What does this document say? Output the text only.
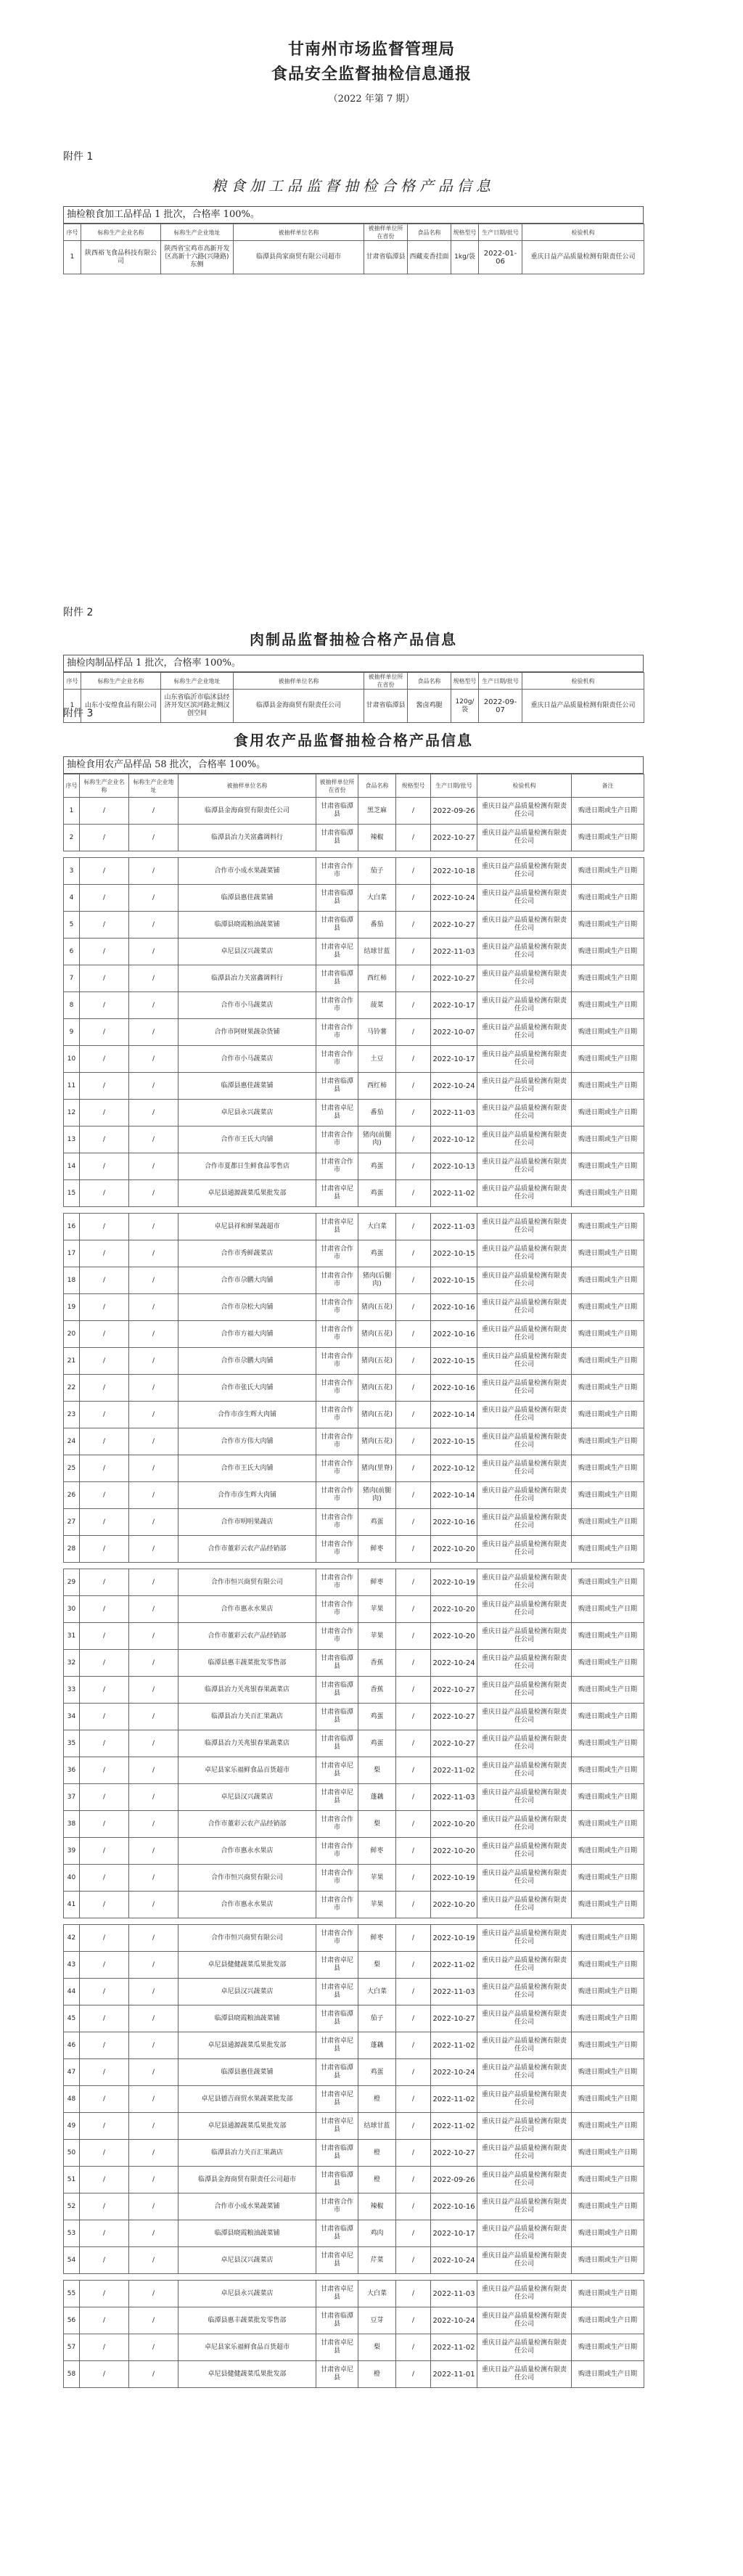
甘南州市场监督管理局
食品安全监督抽检信息通报
（2022 年第 7 期）
附件 1
粮食加工品监督抽检合格产品信息
抽检粮食加工品样品 1 批次，合格率 100%。
序号	标称生产企业名称	标称生产企业地址	被抽样单位名称	被抽样单位所在省份	食品名称	规格型号	生产日期/批号	检验机构
1	陕西裕飞食品科技有限公司	陕西省宝鸡市高新开发区高新十六路(兴隆路)东侧	临潭县尚家商贸有限公司超市	甘肃省临潭县	西藏麦香挂面	1kg/袋	2022-01-06	重庆日益产品质量检测有限责任公司
附件 2
肉制品监督抽检合格产品信息
抽检肉制品样品 1 批次，合格率 100%。
序号	标称生产企业名称	标称生产企业地址	被抽样单位名称	被抽样单位所在省份	食品名称	规格型号	生产日期/批号	检验机构
1	山东小安煌食品有限公司	山东省临沂市临沭县经济开发区滨河路北侧汉创空间	临潭县金海商贸有限责任公司	甘肃省临潭县	酱卤鸡腿	120g/袋	2022-09-07	重庆日益产品质量检测有限责任公司
附件 3
食用农产品监督抽检合格产品信息
抽检食用农产品样品 58 批次，合格率 100%。
序号	标称生产企业名称	标称生产企业地址	被抽样单位名称	被抽样单位所在省份	食品名称	规格型号	生产日期/批号	检验机构	备注
1	/	/	临潭县金海商贸有限责任公司	甘肃省临潭县	黑芝麻	/	2022-09-26	重庆日益产品质量检测有限责任公司	购进日期或生产日期
2	/	/	临潭县冶力关富鑫调料行	甘肃省临潭县	辣椒	/	2022-10-27	重庆日益产品质量检测有限责任公司	购进日期或生产日期

3	/	/	合作市小成水果蔬菜铺	甘肃省合作市	茄子	/	2022-10-18	重庆日益产品质量检测有限责任公司	购进日期或生产日期
4	/	/	临潭县惠佳蔬菜铺	甘肃省临潭县	大白菜	/	2022-10-24	重庆日益产品质量检测有限责任公司	购进日期或生产日期
5	/	/	临潭县晓霞粮油蔬菜铺	甘肃省临潭县	番茄	/	2022-10-27	重庆日益产品质量检测有限责任公司	购进日期或生产日期
6	/	/	卓尼县汉兴蔬菜店	甘肃省卓尼县	结球甘蓝	/	2022-11-03	重庆日益产品质量检测有限责任公司	购进日期或生产日期
7	/	/	临潭县冶力关富鑫调料行	甘肃省临潭县	西红柿	/	2022-10-27	重庆日益产品质量检测有限责任公司	购进日期或生产日期
8	/	/	合作市小马蔬菜店	甘肃省合作市	菠菜	/	2022-10-17	重庆日益产品质量检测有限责任公司	购进日期或生产日期
9	/	/	合作市阿财果蔬杂货铺	甘肃省合作市	马铃薯	/	2022-10-07	重庆日益产品质量检测有限责任公司	购进日期或生产日期
10	/	/	合作市小马蔬菜店	甘肃省合作市	土豆	/	2022-10-17	重庆日益产品质量检测有限责任公司	购进日期或生产日期
11	/	/	临潭县惠佳蔬菜铺	甘肃省临潭县	西红柿	/	2022-10-24	重庆日益产品质量检测有限责任公司	购进日期或生产日期
12	/	/	卓尼县永兴蔬菜店	甘肃省卓尼县	番茄	/	2022-11-03	重庆日益产品质量检测有限责任公司	购进日期或生产日期
13	/	/	合作市王氏大肉铺	甘肃省合作市	猪肉(前腿肉)	/	2022-10-12	重庆日益产品质量检测有限责任公司	购进日期或生产日期
14	/	/	合作市夏都日生鲜食品零售店	甘肃省合作市	鸡蛋	/	2022-10-13	重庆日益产品质量检测有限责任公司	购进日期或生产日期
15	/	/	卓尼县通源蔬菜瓜果批发部	甘肃省卓尼县	鸡蛋	/	2022-11-02	重庆日益产品质量检测有限责任公司	购进日期或生产日期

16	/	/	卓尼县祥和鲜果蔬超市	甘肃省卓尼县	大白菜	/	2022-11-03	重庆日益产品质量检测有限责任公司	购进日期或生产日期
17	/	/	合作市秀鲜蔬菜店	甘肃省合作市	鸡蛋	/	2022-10-15	重庆日益产品质量检测有限责任公司	购进日期或生产日期
18	/	/	合作市尕鹏大肉铺	甘肃省合作市	猪肉(后腿肉)	/	2022-10-15	重庆日益产品质量检测有限责任公司	购进日期或生产日期
19	/	/	合作市尕松大肉铺	甘肃省合作市	猪肉(五花)	/	2022-10-16	重庆日益产品质量检测有限责任公司	购进日期或生产日期
20	/	/	合作市方福大肉铺	甘肃省合作市	猪肉(五花)	/	2022-10-16	重庆日益产品质量检测有限责任公司	购进日期或生产日期
21	/	/	合作市尕鹏大肉铺	甘肃省合作市	猪肉(五花)	/	2022-10-15	重庆日益产品质量检测有限责任公司	购进日期或生产日期
22	/	/	合作市张氏大肉铺	甘肃省合作市	猪肉(五花)	/	2022-10-16	重庆日益产品质量检测有限责任公司	购进日期或生产日期
23	/	/	合作市彦生辉大肉铺	甘肃省合作市	猪肉(五花)	/	2022-10-14	重庆日益产品质量检测有限责任公司	购进日期或生产日期
24	/	/	合作市方伟大肉铺	甘肃省合作市	猪肉(五花)	/	2022-10-15	重庆日益产品质量检测有限责任公司	购进日期或生产日期
25	/	/	合作市王氏大肉铺	甘肃省合作市	猪肉(里脊)	/	2022-10-12	重庆日益产品质量检测有限责任公司	购进日期或生产日期
26	/	/	合作市彦生辉大肉铺	甘肃省合作市	猪肉(前腿肉)	/	2022-10-14	重庆日益产品质量检测有限责任公司	购进日期或生产日期
27	/	/	合作市明明果蔬店	甘肃省合作市	鸡蛋	/	2022-10-16	重庆日益产品质量检测有限责任公司	购进日期或生产日期
28	/	/	合作市董彩云农产品经销部	甘肃省合作市	鲜枣	/	2022-10-20	重庆日益产品质量检测有限责任公司	购进日期或生产日期

29	/	/	合作市恒兴商贸有限公司	甘肃省合作市	鲜枣	/	2022-10-19	重庆日益产品质量检测有限责任公司	购进日期或生产日期
30	/	/	合作市惠永水果店	甘肃省合作市	苹果	/	2022-10-20	重庆日益产品质量检测有限责任公司	购进日期或生产日期
31	/	/	合作市董彩云农产品经销部	甘肃省合作市	苹果	/	2022-10-20	重庆日益产品质量检测有限责任公司	购进日期或生产日期
32	/	/	临潭县惠丰蔬菜批发零售部	甘肃省临潭县	香蕉	/	2022-10-24	重庆日益产品质量检测有限责任公司	购进日期或生产日期
33	/	/	临潭县冶力关兆银春果蔬菜店	甘肃省临潭县	香蕉	/	2022-10-27	重庆日益产品质量检测有限责任公司	购进日期或生产日期
34	/	/	临潭县冶力关百汇果蔬店	甘肃省临潭县	鸡蛋	/	2022-10-27	重庆日益产品质量检测有限责任公司	购进日期或生产日期
35	/	/	临潭县冶力关兆银春果蔬菜店	甘肃省临潭县	鸡蛋	/	2022-10-27	重庆日益产品质量检测有限责任公司	购进日期或生产日期
36	/	/	卓尼县家乐福鲜食品百货超市	甘肃省卓尼县	梨	/	2022-11-02	重庆日益产品质量检测有限责任公司	购进日期或生产日期
37	/	/	卓尼县汉兴蔬菜店	甘肃省卓尼县	蓬藕	/	2022-11-03	重庆日益产品质量检测有限责任公司	购进日期或生产日期
38	/	/	合作市董彩云农产品经销部	甘肃省合作市	梨	/	2022-10-20	重庆日益产品质量检测有限责任公司	购进日期或生产日期
39	/	/	合作市惠永水果店	甘肃省合作市	鲜枣	/	2022-10-20	重庆日益产品质量检测有限责任公司	购进日期或生产日期
40	/	/	合作市恒兴商贸有限公司	甘肃省合作市	苹果	/	2022-10-19	重庆日益产品质量检测有限责任公司	购进日期或生产日期
41	/	/	合作市惠永水果店	甘肃省合作市	苹果	/	2022-10-20	重庆日益产品质量检测有限责任公司	购进日期或生产日期

42	/	/	合作市恒兴商贸有限公司	甘肃省合作市	鲜枣	/	2022-10-19	重庆日益产品质量检测有限责任公司	购进日期或生产日期
43	/	/	卓尼县健健蔬菜瓜果批发部	甘肃省卓尼县	梨	/	2022-11-02	重庆日益产品质量检测有限责任公司	购进日期或生产日期
44	/	/	卓尼县汉兴蔬菜店	甘肃省卓尼县	大白菜	/	2022-11-03	重庆日益产品质量检测有限责任公司	购进日期或生产日期
45	/	/	临潭县晓霞粮油蔬菜铺	甘肃省临潭县	茄子	/	2022-10-27	重庆日益产品质量检测有限责任公司	购进日期或生产日期
46	/	/	卓尼县通源蔬菜瓜果批发部	甘肃省卓尼县	蓬藕	/	2022-11-02	重庆日益产品质量检测有限责任公司	购进日期或生产日期
47	/	/	临潭县惠佳蔬菜铺	甘肃省临潭县	鸡蛋	/	2022-10-24	重庆日益产品质量检测有限责任公司	购进日期或生产日期
48	/	/	卓尼县德吉商贸水果蔬菜批发部	甘肃省卓尼县	橙	/	2022-11-02	重庆日益产品质量检测有限责任公司	购进日期或生产日期
49	/	/	卓尼县通源蔬菜瓜果批发部	甘肃省卓尼县	结球甘蓝	/	2022-11-02	重庆日益产品质量检测有限责任公司	购进日期或生产日期
50	/	/	临潭县冶力关百汇果蔬店	甘肃省临潭县	橙	/	2022-10-27	重庆日益产品质量检测有限责任公司	购进日期或生产日期
51	/	/	临潭县金海商贸有限责任公司超市	甘肃省临潭县	橙	/	2022-09-26	重庆日益产品质量检测有限责任公司	购进日期或生产日期
52	/	/	合作市小成水果蔬菜铺	甘肃省合作市	辣椒	/	2022-10-16	重庆日益产品质量检测有限责任公司	购进日期或生产日期
53	/	/	临潭县晓霞粮油蔬菜铺	甘肃省临潭县	鸡肉	/	2022-10-17	重庆日益产品质量检测有限责任公司	购进日期或生产日期
54	/	/	卓尼县汉兴蔬菜店	甘肃省卓尼县	芹菜	/	2022-10-24	重庆日益产品质量检测有限责任公司	购进日期或生产日期

55	/	/	卓尼县永兴蔬菜店	甘肃省卓尼县	大白菜	/	2022-11-03	重庆日益产品质量检测有限责任公司	购进日期或生产日期
56	/	/	临潭县惠丰蔬菜批发零售部	甘肃省临潭县	豆芽	/	2022-10-24	重庆日益产品质量检测有限责任公司	购进日期或生产日期
57	/	/	卓尼县家乐福鲜食品百货超市	甘肃省卓尼县	梨	/	2022-11-02	重庆日益产品质量检测有限责任公司	购进日期或生产日期
58	/	/	卓尼县健健蔬菜瓜果批发部	甘肃省卓尼县	橙	/	2022-11-01	重庆日益产品质量检测有限责任公司	购进日期或生产日期
